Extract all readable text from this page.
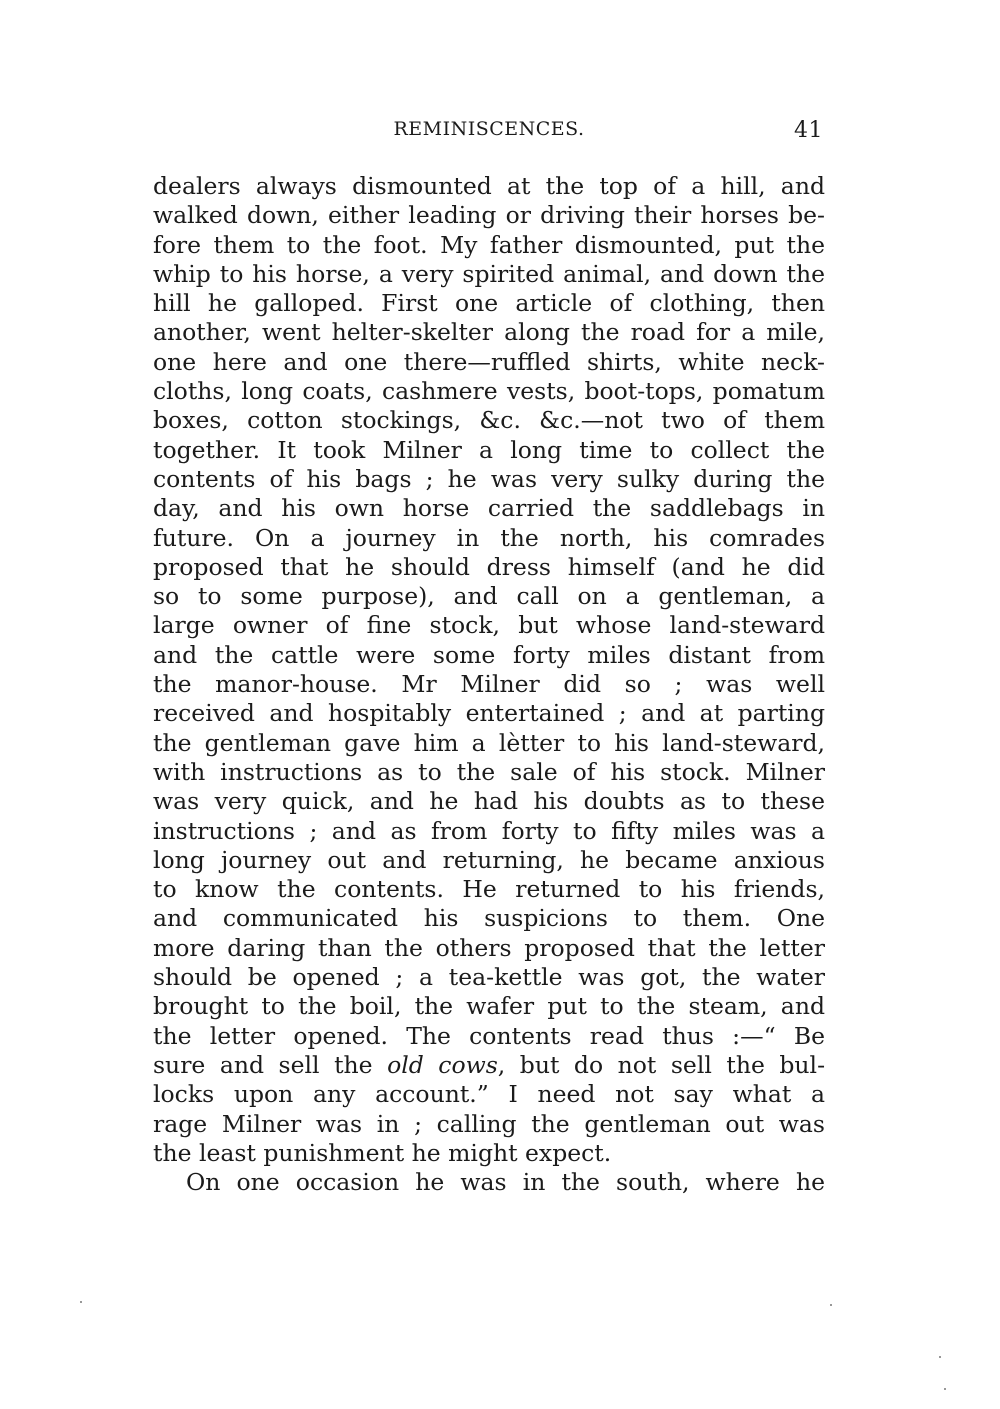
REMINISCENCES.	41
dealers always dismounted at the top of a hill, and
walked down, either leading or driving their horses be-
fore them to the foot. My father dismounted, put the
whip to his horse, a very spirited animal, and down the
hill he galloped. First one article of clothing, then
another, went helter-skelter along the road for a mile,
one here and one there—ruffled shirts, white neck-
cloths, long coats, cashmere vests, boot-tops, pomatum
boxes, cotton stockings, &c. &c.—not two of them
together. It took Milner a long time to collect the
contents of his bags ; he was very sulky during the
day, and his own horse carried the saddlebags in
future. On a journey in the north, his comrades
proposed that he should dress himself (and he did
so to some purpose), and call on a gentleman, a
large owner of fine stock, but whose land-steward
and the cattle were some forty miles distant from
the manor-house. Mr Milner did so ; was well
received and hospitably entertained ; and at parting
the gentleman gave him a lètter to his land-steward,
with instructions as to the sale of his stock. Milner
was very quick, and he had his doubts as to these
instructions ; and as from forty to fifty miles was a
long journey out and returning, he became anxious
to know the contents. He returned to his friends,
and communicated his suspicions to them. One
more daring than the others proposed that the letter
should be opened ; a tea-kettle was got, the water
brought to the boil, the wafer put to the steam, and
the letter opened. The contents read thus :—“ Be
sure and sell the old cows, but do not sell the bul-
locks upon any account.” I need not say what a
rage Milner was in ; calling the gentleman out was
the least punishment he might expect.
On one occasion he was in the south, where he
